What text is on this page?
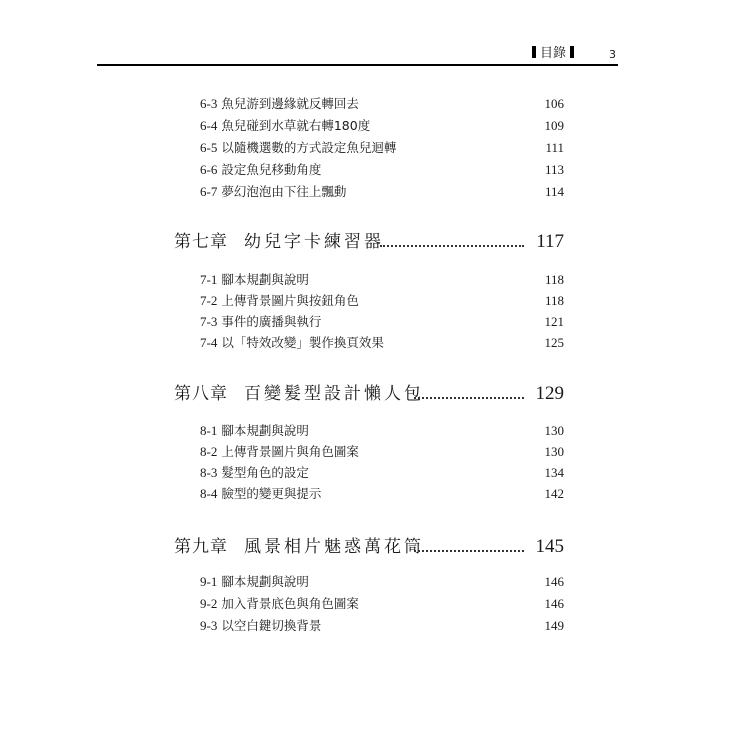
目錄	3
6-3 魚兒游到邊緣就反轉回去	106
6-4 魚兒碰到水草就右轉180度	109
6-5 以隨機選數的方式設定魚兒迴轉	111
6-6 設定魚兒移動角度	113
6-7 夢幻泡泡由下往上飄動	114
第七章 幼兒字卡練習器	117
7-1 腳本規劃與說明	118
7-2 上傳背景圖片與按鈕角色	118
7-3 事件的廣播與執行	121
7-4 以「特效改變」製作換頁效果	125
第八章 百變髮型設計懶人包	129
8-1 腳本規劃與說明	130
8-2 上傳背景圖片與角色圖案	130
8-3 髮型角色的設定	134
8-4 臉型的變更與提示	142
第九章 風景相片魅惑萬花筒	145
9-1 腳本規劃與說明	146
9-2 加入背景底色與角色圖案	146
9-3 以空白鍵切換背景	149
